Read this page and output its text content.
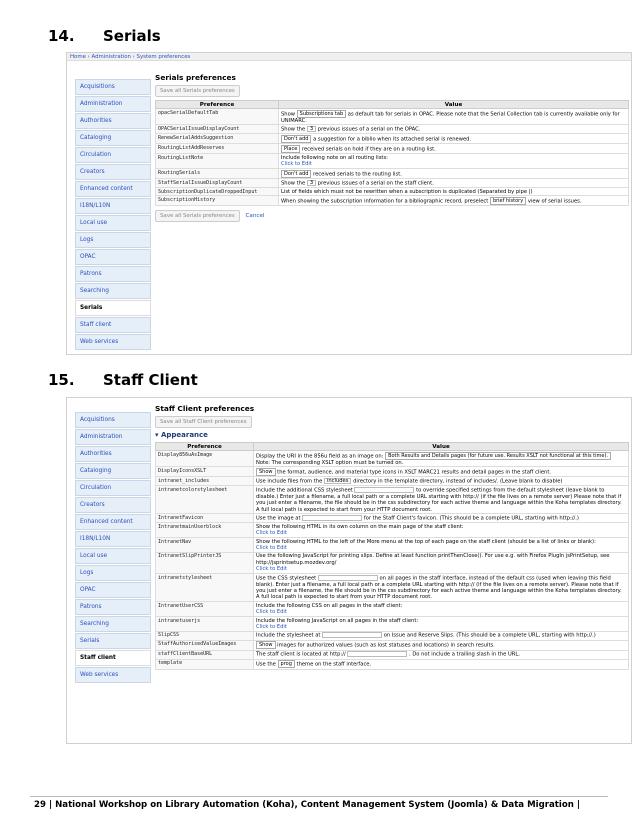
14. Serials
Home › Administration › System preferences
Acquisitions
Administration
Authorities
Cataloging
Circulation
Creators
Enhanced content
I18N/L10N
Local use
Logs
OPAC
Patrons
Searching
Serials
Staff client
Web services
Serials preferences
Save all Serials preferences
Preference	Value
opacSerialDefaultTab	Show Subscriptions tab as default tab for serials in OPAC. Please note that the Serial Collection tab is currently available only for UNIMARC.
OPACSerialIssueDisplayCount	Show the 3 previous issues of a serial on the OPAC.
RenewSerialAddsSuggestion	Don't add a suggestion for a biblio when its attached serial is renewed.
RoutingListAddReserves	Place received serials on hold if they are on a routing list.
RoutingListNote	Include following note on all routing lists:
Click to Edit
RoutingSerials	Don't add received serials to the routing list.
StaffSerialIssueDisplayCount	Show the 3 previous issues of a serial on the staff client.
SubscriptionDuplicateDroppedInput	List of fields which must not be rewritten when a subscription is duplicated (Separated by pipe |)
SubscriptionHistory	When showing the subscription information for a bibliographic record, preselect brief history view of serial issues.
Save all Serials preferences Cancel
15. Staff Client
Acquisitions
Administration
Authorities
Cataloging
Circulation
Creators
Enhanced content
I18N/L10N
Local use
Logs
OPAC
Patrons
Searching
Serials
Staff client
Web services
Staff Client preferences
Save all Staff Client preferences
▾ Appearance
Preference	Value
Display856uAsImage	Display the URI in the 856u field as an image on: Both Results and Details pages (for future use. Results XSLT not functional at this time). Note: The corresponding XSLT option must be turned on.
DisplayIconsXSLT	Show the format, audience, and material type icons in XSLT MARC21 results and detail pages in the staff client.
intranet_includes	Use include files from the includes directory in the template directory, instead of includes/. (Leave blank to disable)
intranetcolorstylesheet	Include the additional CSS stylesheet to override specified settings from the default stylesheet (leave blank to disable.) Enter just a filename, a full local path or a complete URL starting with http:// (if the file lives on a remote server) Please note that if you just enter a filename, the file should be in the css subdirectory for each active theme and language within the Koha templates directory. A full local path is expected to start from your HTTP document root.
IntranetFavicon	Use the image at for the Staff Client's favicon. (This should be a complete URL, starting with http://.)
IntranetmainUserblock	Show the following HTML in its own column on the main page of the staff client:
Click to Edit
IntranetNav	Show the following HTML to the left of the More menu at the top of each page on the staff client (should be a list of links or blank):
Click to Edit
IntranetSlipPrinterJS	Use the following JavaScript for printing slips. Define at least function printThenClose(). For use e.g. with Firefox PlugIn jsPrintSetup, see http://jsprintsetup.mozdev.org/
Click to Edit
intranetstylesheet	Use the CSS stylesheet on all pages in the staff interface, instead of the default css (used when leaving this field blank). Enter just a filename, a full local path or a complete URL starting with http:// (if the file lives on a remote server). Please note that if you just enter a filename, the file should be in the css subdirectory for each active theme and language within the Koha templates directory. A full local path is expected to start from your HTTP document root.
IntranetUserCSS	Include the following CSS on all pages in the staff client:
Click to Edit
intranetuserjs	Include the following JavaScript on all pages in the staff client:
Click to Edit
SlipCSS	Include the stylesheet at on Issue and Reserve Slips. (This should be a complete URL, starting with http://.)
StaffAuthorisedValueImages	Show images for authorized values (such as lost statuses and locations) in search results.
staffClientBaseURL	The staff client is located at http:// . Do not include a trailing slash in the URL.
template	Use the prog theme on the staff interface.
29 | National Workshop on Library Automation (Koha), Content Management System (Joomla) & Data Migration |
